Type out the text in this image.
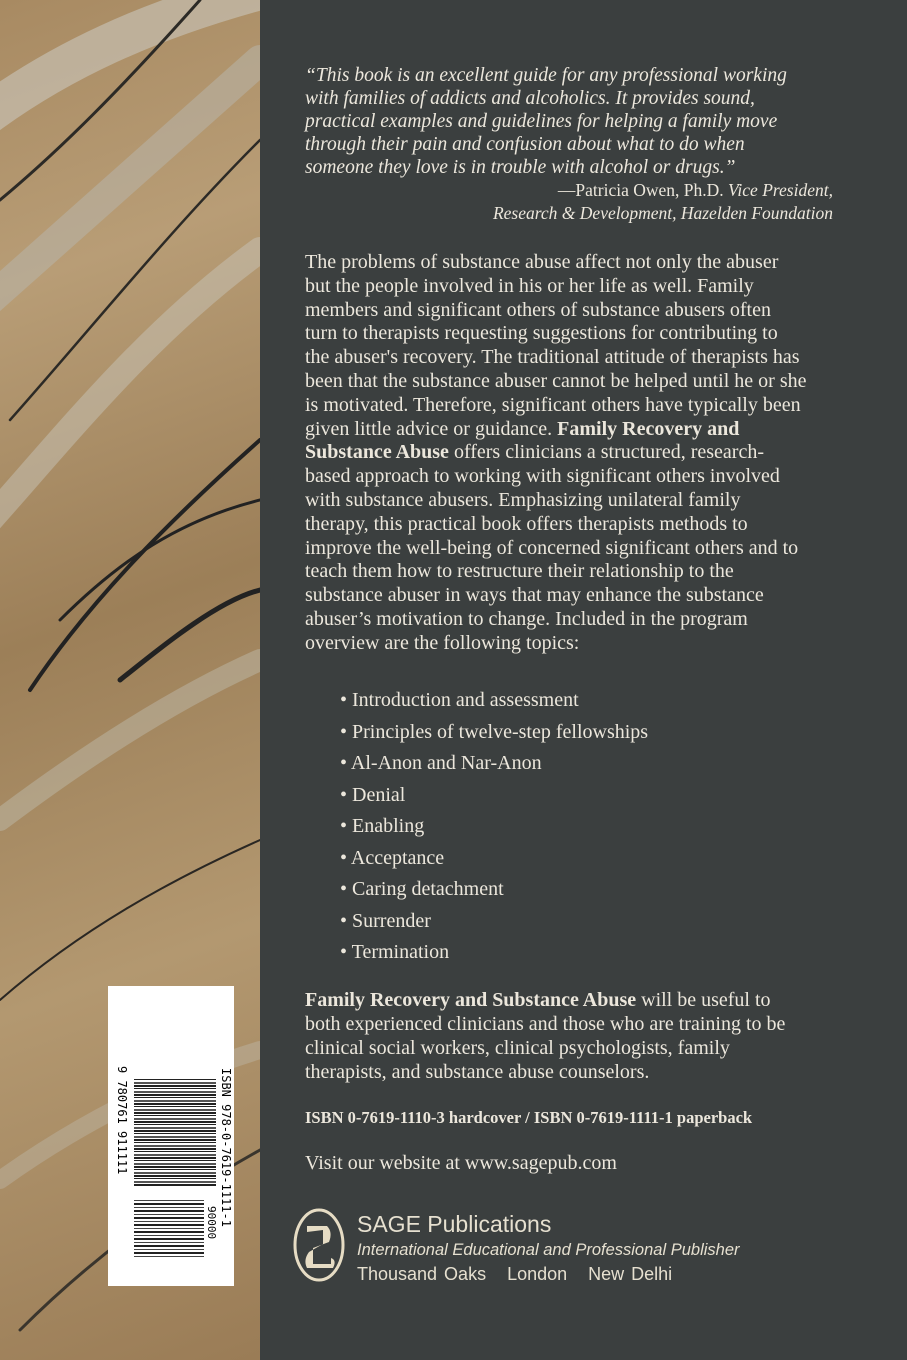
ISBN 978-0-7619-1111-1
9 780761 911111
90000
“This book is an excellent guide for any professional working
with families of addicts and alcoholics. It provides sound,
practical examples and guidelines for helping a family move
through their pain and confusion about what to do when
someone they love is in trouble with alcohol or drugs.”
—Patricia Owen, Ph.D. Vice President,
Research & Development, Hazelden Foundation
The problems of substance abuse affect not only the abuser
but the people involved in his or her life as well. Family
members and significant others of substance abusers often
turn to therapists requesting suggestions for contributing to
the abuser's recovery. The traditional attitude of therapists has
been that the substance abuser cannot be helped until he or she
is motivated. Therefore, significant others have typically been
given little advice or guidance. Family Recovery and
Substance Abuse offers clinicians a structured, research-
based approach to working with significant others involved
with substance abusers. Emphasizing unilateral family
therapy, this practical book offers therapists methods to
improve the well-being of concerned significant others and to
teach them how to restructure their relationship to the
substance abuser in ways that may enhance the substance
abuser’s motivation to change. Included in the program
overview are the following topics:
• Introduction and assessment
• Principles of twelve-step fellowships
• Al-Anon and Nar-Anon
• Denial
• Enabling
• Acceptance
• Caring detachment
• Surrender
• Termination
Family Recovery and Substance Abuse will be useful to
both experienced clinicians and those who are training to be
clinical social workers, clinical psychologists, family
therapists, and substance abuse counselors.
ISBN 0-7619-1110-3 hardcover / ISBN 0-7619-1111-1 paperback
Visit our website at www.sagepub.com
SAGE Publications
International Educational and Professional Publisher
Thousand Oaks   London   New Delhi
